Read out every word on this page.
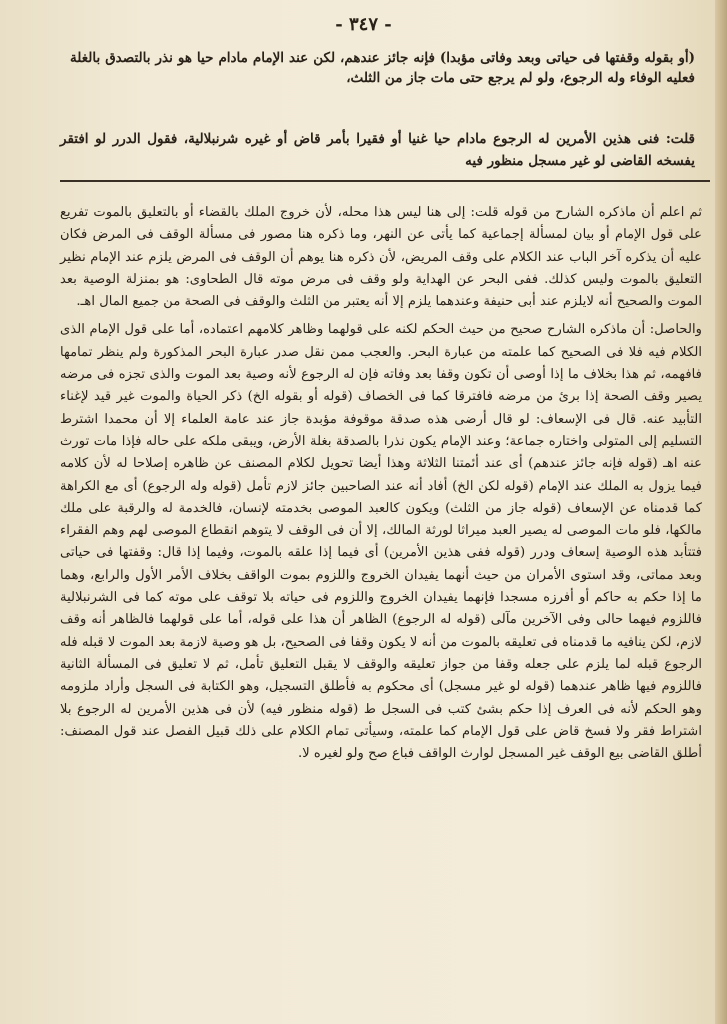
- ٣٤٧ -

(أو بقوله وقفتها فى حياتى وبعد وفاتى مؤبدا) فإنه جائز عندهم، لكن عند الإمام مادام حيا هو نذر بالتصدق بالغلة فعليه الوفاء وله الرجوع، ولو لم يرجع حتى مات جاز من الثلث،

قلت: فنى هذين الأمرين له الرجوع مادام حيا غنيا أو فقيرا بأمر قاض أو غيره شرنبلالية، فقول الدرر لو افتقر يفسخه القاضى لو غير مسجل منظور فيه

ثم اعلم أن ماذكره الشارح من قوله قلت: إلى هنا ليس هذا محله، لأن خروج الملك بالقضاء أو بالتعليق بالموت تفريع على قول الإمام أو بيان لمسألة إجماعية كما يأتى عن النهر، وما ذكره هنا مصور فى مسألة الوقف فى المرض فكان عليه أن يذكره آخر الباب عند الكلام على وقف المريض، لأن ذكره هنا يوهم أن الوقف فى المرض يلزم عند الإمام نظير التعليق بالموت وليس كذلك. ففى البحر عن الهداية ولو وقف فى مرض موته قال الطحاوى: هو بمنزلة الوصية بعد الموت والصحيح أنه لايلزم عند أبى حنيفة وعندهما يلزم إلا أنه يعتبر من الثلث والوقف فى الصحة من جميع المال اهـ.

والحاصل: أن ماذكره الشارح صحيح من حيث الحكم لكنه على قولهما وظاهر كلامهم اعتماده، أما على قول الإمام الذى الكلام فيه فلا فى الصحيح كما علمته من عبارة البحر. والعجب ممن نقل صدر عبارة البحر المذكورة ولم ينظر تمامها فافهمه، ثم هذا بخلاف ما إذا أوصى أن تكون وقفا بعد وفاته فإن له الرجوع لأنه وصية بعد الموت والذى تجزه فى مرضه يصير وقف الصحة إذا برئ من مرضه فافترقا كما فى الخصاف (قوله أو بقوله الخ) ذكر الحياة والموت غير قيد لإغناء التأبيد عنه. قال فى الإسعاف: لو قال أرضى هذه صدقة موقوفة مؤبدة جاز عند عامة العلماء إلا أن محمدا اشترط التسليم إلى المتولى واختاره جماعة؛ وعند الإمام يكون نذرا بالصدقة بغلة الأرض، ويبقى ملكه على حاله فإذا مات تورث عنه اهـ (قوله فإنه جائز عندهم) أى عند أئمتنا الثلاثة وهذا أيضا تحويل لكلام المصنف عن ظاهره إصلاحا له لأن كلامه فيما يزول به الملك عند الإمام (قوله لكن الخ) أفاد أنه عند الصاحبين جائز لازم تأمل (قوله وله الرجوع) أى مع الكراهة كما قدمناه عن الإسعاف (قوله جاز من الثلث) ويكون كالعبد الموصى بخدمته لإنسان، فالخدمة له والرقبة على ملك مالكها، فلو مات الموصى له يصير العبد ميراثا لورثة المالك، إلا أن فى الوقف لا يتوهم انقطاع الموصى لهم وهم الفقراء فتتأبد هذه الوصية إسعاف ودرر (قوله ففى هذين الأمرين) أى فيما إذا علقه بالموت، وفيما إذا قال: وقفتها فى حياتى وبعد مماتى، وقد استوى الأمران من حيث أنهما يفيدان الخروج واللزوم بموت الواقف بخلاف الأمر الأول والرابع، وهما ما إذا حكم به حاكم أو أفرزه مسجدا فإنهما يفيدان الخروج واللزوم فى حياته بلا توقف على موته كما فى الشرنبلالية فاللزوم فيهما حالى وفى الآخرين مآلى (قوله له الرجوع) الظاهر أن هذا على قوله، أما على قولهما فالظاهر أنه وقف لازم، لكن ينافيه ما قدمناه فى تعليقه بالموت من أنه لا يكون وقفا فى الصحيح، بل هو وصية لازمة بعد الموت لا قبله فله الرجوع قبله لما يلزم على جعله وقفا من جواز تعليقه والوقف لا يقبل التعليق تأمل، ثم لا تعليق فى المسألة الثانية فاللزوم فيها ظاهر عندهما (قوله لو غير مسجل) أى محكوم به فأطلق التسجيل، وهو الكتابة فى السجل وأراد ملزومه وهو الحكم لأنه فى العرف إذا حكم بشئ كتب فى السجل ط (قوله منظور فيه) لأن فى هذين الأمرين له الرجوع بلا اشتراط فقر ولا فسخ قاض على قول الإمام كما علمته، وسيأتى تمام الكلام على ذلك قبيل الفصل عند قول المصنف: أطلق القاضى بيع الوقف غير المسجل لوارث الواقف فباع صح ولو لغيره لا.
